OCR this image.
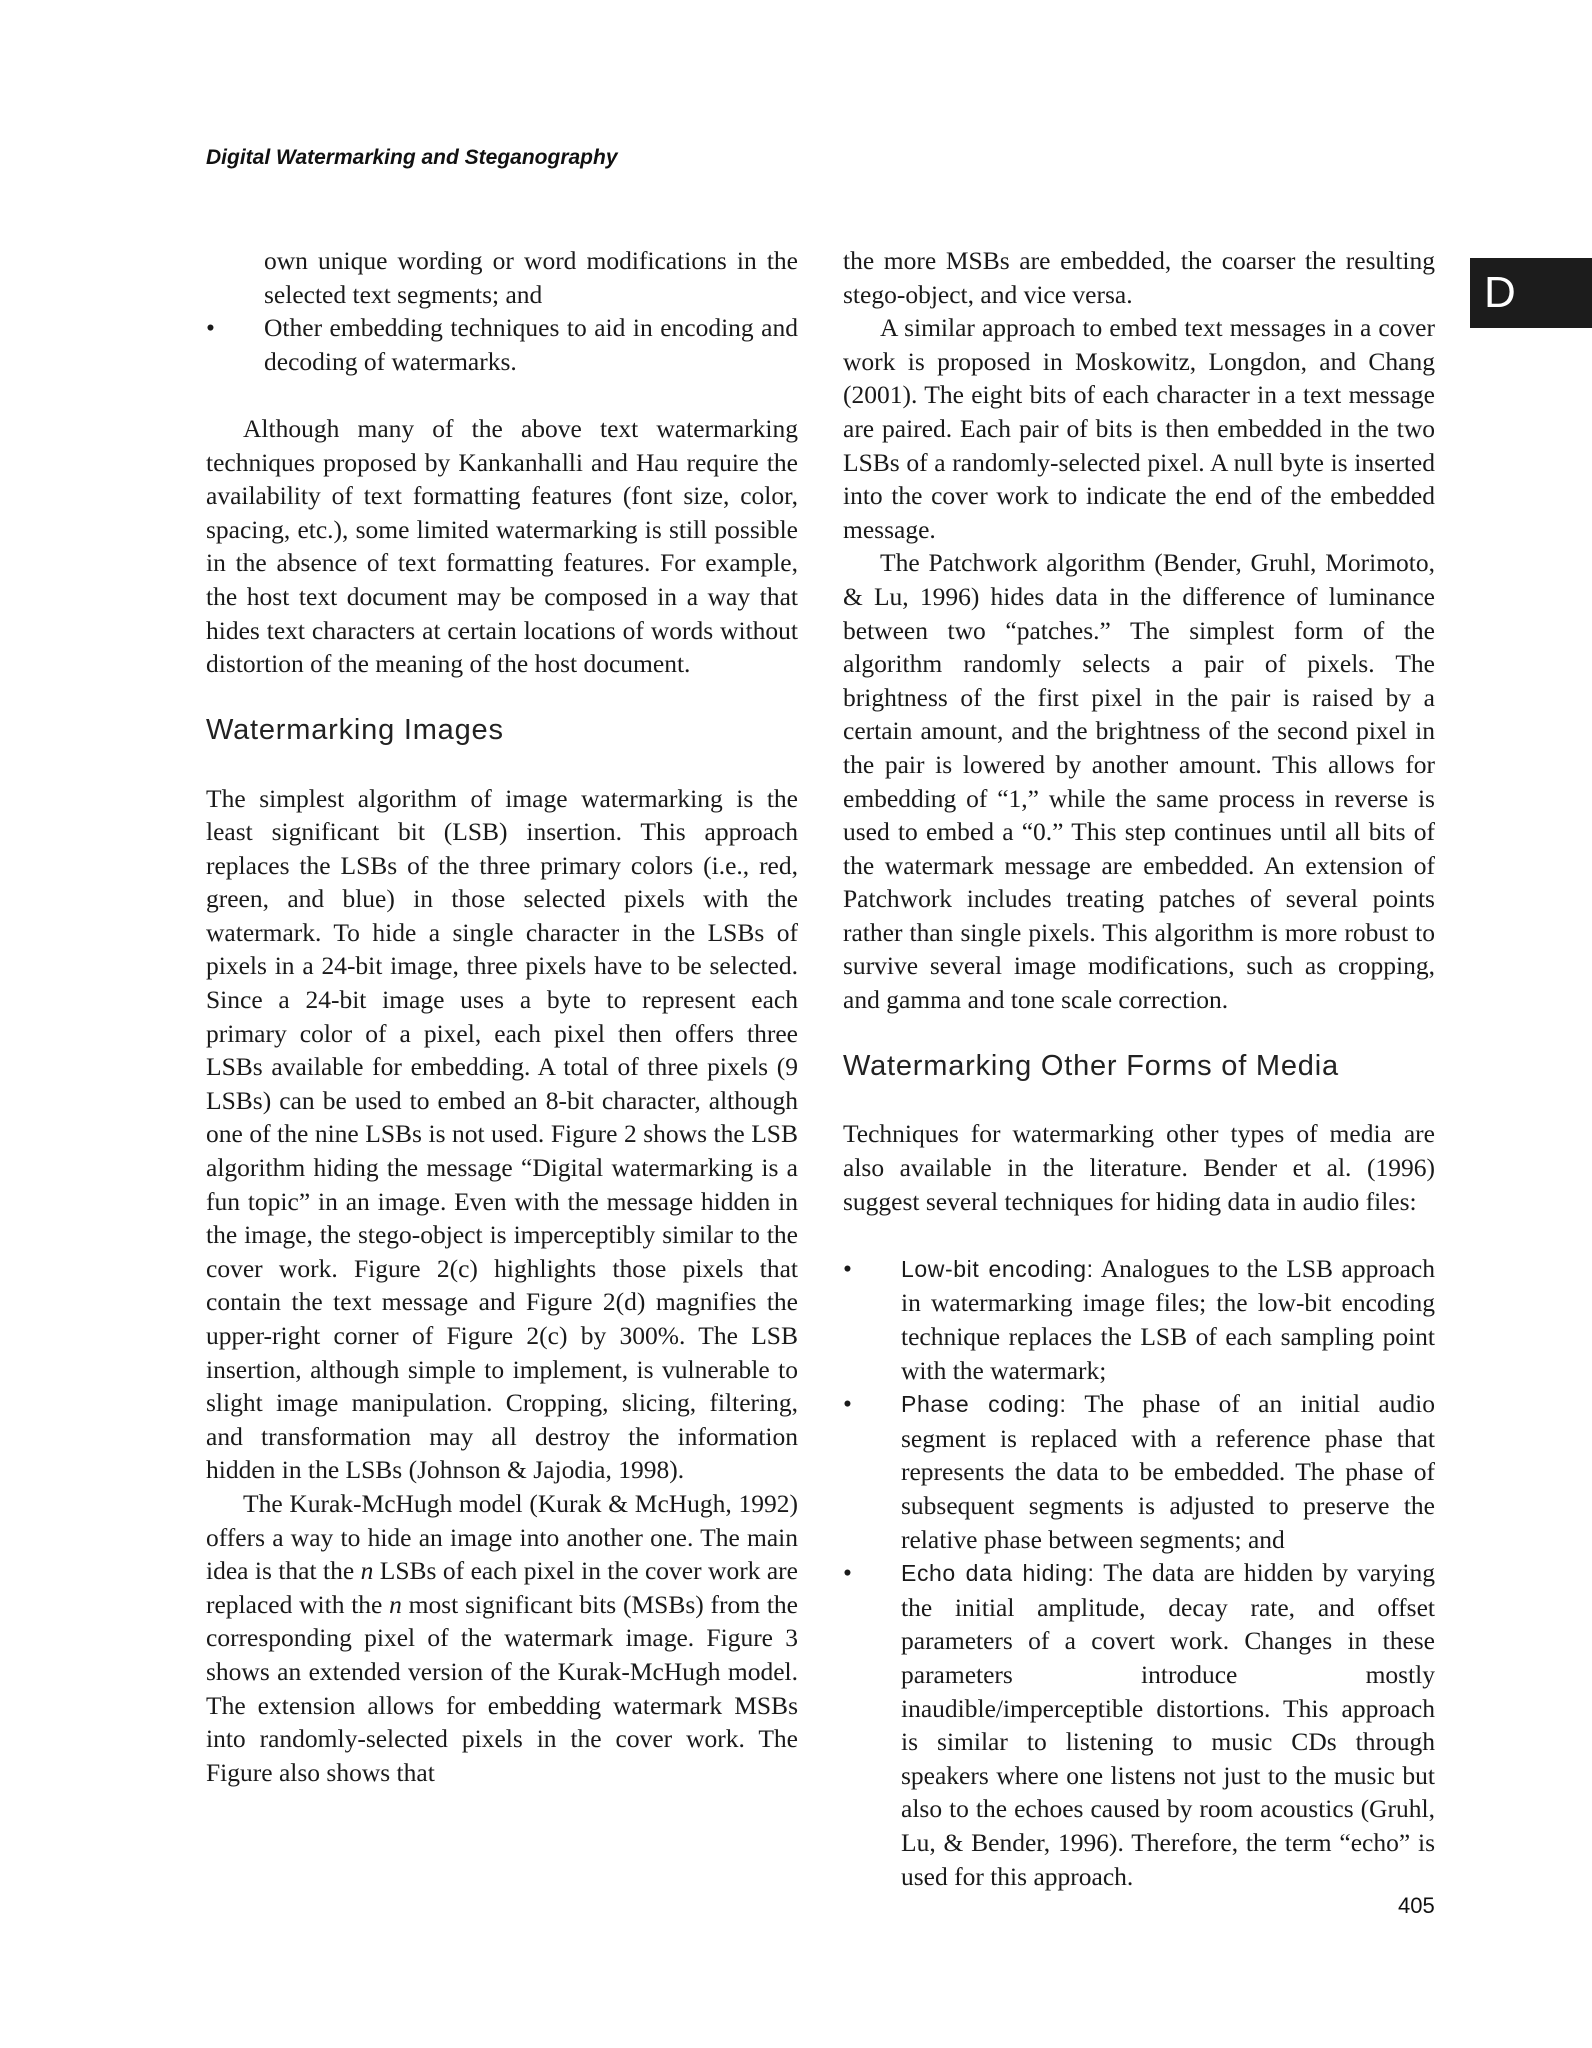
Digital Watermarking and Steganography
D

own unique wording or word modifications in the selected text segments; and

• Other embedding techniques to aid in encoding and decoding of watermarks.

Although many of the above text watermarking techniques proposed by Kankanhalli and Hau require the availability of text formatting features (font size, color, spacing, etc.), some limited watermarking is still possible in the absence of text formatting features. For example, the host text document may be composed in a way that hides text characters at certain locations of words without distortion of the meaning of the host document.

Watermarking Images

The simplest algorithm of image watermarking is the least significant bit (LSB) insertion. This approach replaces the LSBs of the three primary colors (i.e., red, green, and blue) in those selected pixels with the watermark. To hide a single character in the LSBs of pixels in a 24-bit image, three pixels have to be selected. Since a 24-bit image uses a byte to represent each primary color of a pixel, each pixel then offers three LSBs available for embedding. A total of three pixels (9 LSBs) can be used to embed an 8-bit character, although one of the nine LSBs is not used. Figure 2 shows the LSB algorithm hiding the message “Digital watermarking is a fun topic” in an image. Even with the message hidden in the image, the stego-object is imperceptibly similar to the cover work. Figure 2(c) highlights those pixels that contain the text message and Figure 2(d) magnifies the upper-right corner of Figure 2(c) by 300%. The LSB insertion, although simple to implement, is vulnerable to slight image manipulation. Cropping, slicing, filtering, and transformation may all destroy the information hidden in the LSBs (Johnson & Jajodia, 1998).

The Kurak-McHugh model (Kurak & McHugh, 1992) offers a way to hide an image into another one. The main idea is that the n LSBs of each pixel in the cover work are replaced with the n most significant bits (MSBs) from the corresponding pixel of the watermark image. Figure 3 shows an extended version of the Kurak-McHugh model. The extension allows for embedding watermark MSBs into randomly-selected pixels in the cover work. The Figure also shows that

the more MSBs are embedded, the coarser the resulting stego-object, and vice versa.

A similar approach to embed text messages in a cover work is proposed in Moskowitz, Longdon, and Chang (2001). The eight bits of each character in a text message are paired. Each pair of bits is then embedded in the two LSBs of a randomly-selected pixel. A null byte is inserted into the cover work to indicate the end of the embedded message.

The Patchwork algorithm (Bender, Gruhl, Morimoto, & Lu, 1996) hides data in the difference of luminance between two “patches.” The simplest form of the algorithm randomly selects a pair of pixels. The brightness of the first pixel in the pair is raised by a certain amount, and the brightness of the second pixel in the pair is lowered by another amount. This allows for embedding of “1,” while the same process in reverse is used to embed a “0.” This step continues until all bits of the watermark message are embedded. An extension of Patchwork includes treating patches of several points rather than single pixels. This algorithm is more robust to survive several image modifications, such as cropping, and gamma and tone scale correction.

Watermarking Other Forms of Media

Techniques for watermarking other types of media are also available in the literature. Bender et al. (1996) suggest several techniques for hiding data in audio files:

• Low-bit encoding: Analogues to the LSB approach in watermarking image files; the low-bit encoding technique replaces the LSB of each sampling point with the watermark;
• Phase coding: The phase of an initial audio segment is replaced with a reference phase that represents the data to be embedded. The phase of subsequent segments is adjusted to preserve the relative phase between segments; and
• Echo data hiding: The data are hidden by varying the initial amplitude, decay rate, and offset parameters of a covert work. Changes in these parameters introduce mostly inaudible/imperceptible distortions. This approach is similar to listening to music CDs through speakers where one listens not just to the music but also to the echoes caused by room acoustics (Gruhl, Lu, & Bender, 1996). Therefore, the term “echo” is used for this approach.
405
